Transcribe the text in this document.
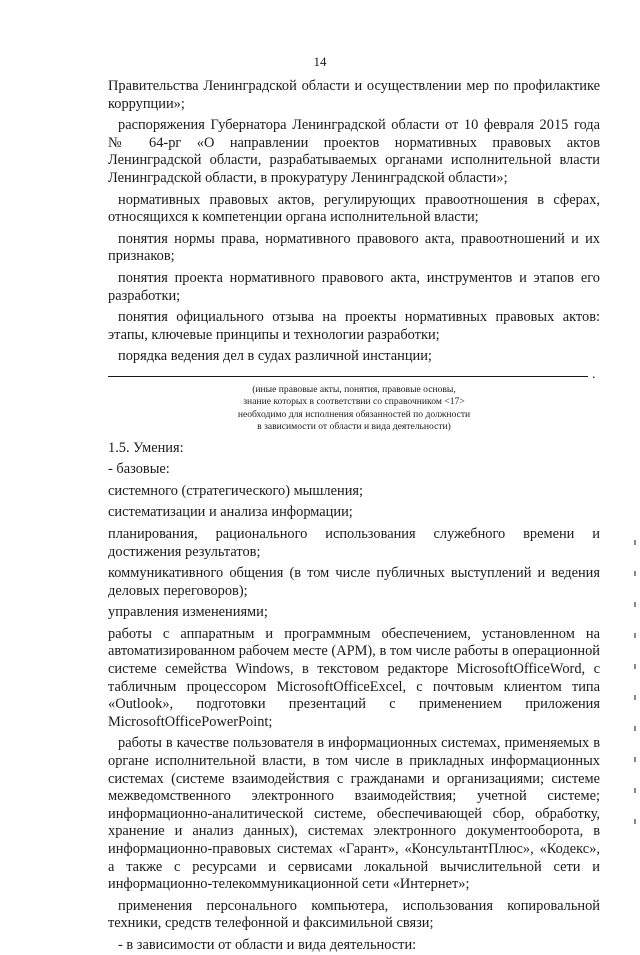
14

Правительства Ленинградской области и осуществлении мер по профилактике коррупции»;

распоряжения Губернатора Ленинградской области от 10 февраля 2015 года № 64-рг «О направлении проектов нормативных правовых актов Ленинградской области, разрабатываемых органами исполнительной власти Ленинградской области, в прокуратуру Ленинградской области»;

нормативных правовых актов, регулирующих правоотношения в сферах, относящихся к компетенции органа исполнительной власти;

понятия нормы права, нормативного правового акта, правоотношений и их признаков;

понятия проекта нормативного правового акта, инструментов и этапов его разработки;

понятия официального отзыва на проекты нормативных правовых актов: этапы, ключевые принципы и технологии разработки;

порядка ведения дел в судах различной инстанции;

.
(иные правовые акты, понятия, правовые основы,
знание которых в соответствии со справочником <17>
необходимо для исполнения обязанностей по должности
в зависимости от области и вида деятельности)

1.5. Умения:

- базовые:

системного (стратегического) мышления;

систематизации и анализа информации;

планирования, рационального использования служебного времени и достижения результатов;

коммуникативного общения (в том числе публичных выступлений и ведения деловых переговоров);

управления изменениями;

работы с аппаратным и программным обеспечением, установленном на автоматизированном рабочем месте (АРМ), в том числе работы в операционной системе семейства Windows, в текстовом редакторе MicrosoftOfficeWord, с табличным процессором MicrosoftOfficeExcel, с почтовым клиентом типа «Outlook», подготовки презентаций с применением приложения MicrosoftOfficePowerPoint;

работы в качестве пользователя в информационных системах, применяемых в органе исполнительной власти, в том числе в прикладных информационных системах (системе взаимодействия с гражданами и организациями; системе межведомственного электронного взаимодействия; учетной системе; информационно-аналитической системе, обеспечивающей сбор, обработку, хранение и анализ данных), системах электронного документооборота, в информационно-правовых системах «Гарант», «КонсультантПлюс», «Кодекс», а также с ресурсами и сервисами локальной вычислительной сети и информационно-телекоммуникационной сети «Интернет»;

применения персонального компьютера, использования копировальной техники, средств телефонной и факсимильной связи;

- в зависимости от области и вида деятельности:
